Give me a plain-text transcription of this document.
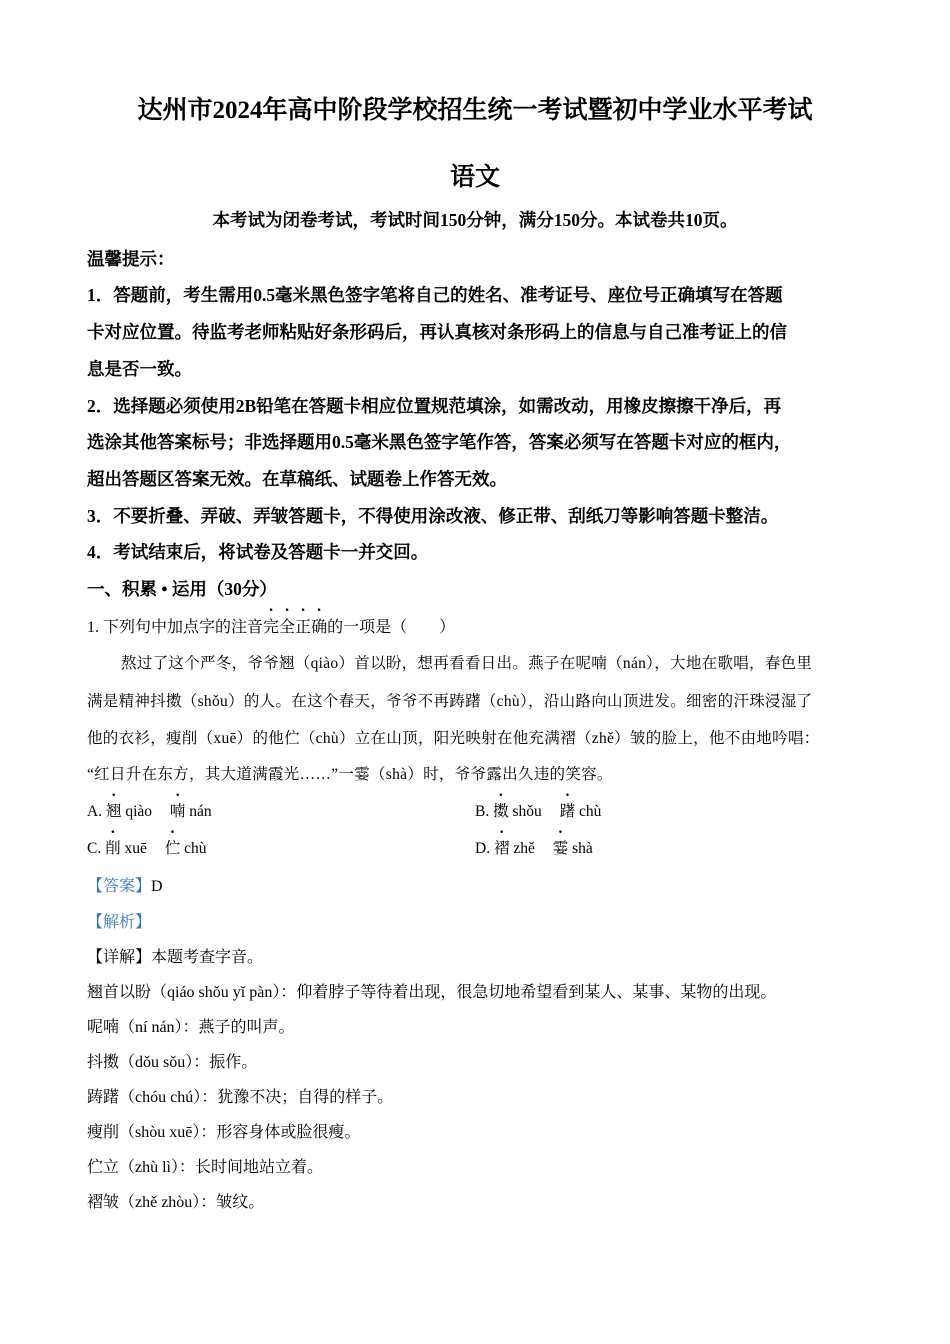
达州市2024年高中阶段学校招生统一考试暨初中学业水平考试
语文
本考试为闭卷考试，考试时间150分钟，满分150分。本试卷共10页。
温馨提示：
1．答题前，考生需用0.5毫米黑色签字笔将自己的姓名、准考证号、座位号正确填写在答题
卡对应位置。待监考老师粘贴好条形码后，再认真核对条形码上的信息与自己准考证上的信
息是否一致。
2．选择题必须使用2B铅笔在答题卡相应位置规范填涂，如需改动，用橡皮擦擦干净后，再
选涂其他答案标号；非选择题用0.5毫米黑色签字笔作答，答案必须写在答题卡对应的框内，
超出答题区答案无效。在草稿纸、试题卷上作答无效。
3．不要折叠、弄破、弄皱答题卡，不得使用涂改液、修正带、刮纸刀等影响答题卡整洁。
4．考试结束后，将试卷及答题卡一并交回。
一、积累 • 运用（30分）
1. 下列句中加点字的注音完全正确的一项是（　　）
熬过了这个严冬，爷爷翘（qiào）首以盼，想再看看日出。燕子在呢喃（nán），大地在歌唱，春色里
满是精神抖擞（shǒu）的人。在这个春天，爷爷不再踌躇（chù），沿山路向山顶进发。细密的汗珠浸湿了
他的衣衫，瘦削（xuē）的他伫（chù）立在山顶，阳光映射在他充满褶（zhě）皱的脸上，他不由地吟唱：
“红日升在东方，其大道满霞光……”一霎（shà）时，爷爷露出久违的笑容。
A. 翘 qiào 喃 nán	B. 擞 shǒu 躇 chù
C. 削 xuē 伫 chù	D. 褶 zhě 霎 shà
【答案】D
【解析】
【详解】本题考查字音。
翘首以盼（qiáo shǒu yǐ pàn）：仰着脖子等待着出现，很急切地希望看到某人、某事、某物的出现。
呢喃（ní nán）：燕子的叫声。
抖擞（dǒu sǒu）：振作。
踌躇（chóu chú）：犹豫不决；自得的样子。
瘦削（shòu xuē）：形容身体或脸很瘦。
伫立（zhù lì）：长时间地站立着。
褶皱（zhě zhòu）：皱纹。
